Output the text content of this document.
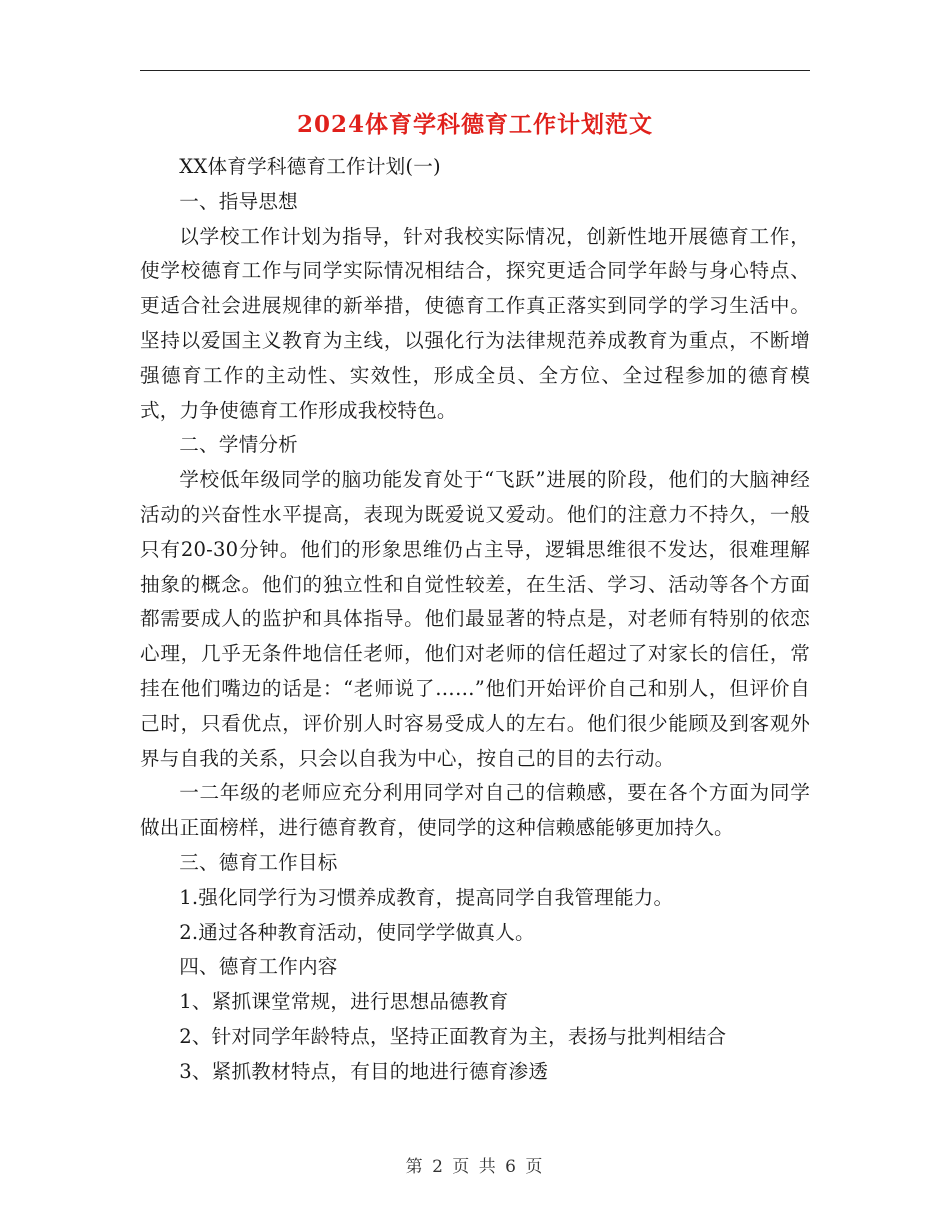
2024体育学科德育工作计划范文

XX体育学科德育工作计划(一)

一、指导思想

以学校工作计划为指导，针对我校实际情况，创新性地开展德育工作，使学校德育工作与同学实际情况相结合，探究更适合同学年龄与身心特点、更适合社会进展规律的新举措，使德育工作真正落实到同学的学习生活中。坚持以爱国主义教育为主线，以强化行为法律规范养成教育为重点，不断增强德育工作的主动性、实效性，形成全员、全方位、全过程参加的德育模式，力争使德育工作形成我校特色。

二、学情分析

学校低年级同学的脑功能发育处于“飞跃”进展的阶段，他们的大脑神经活动的兴奋性水平提高，表现为既爱说又爱动。他们的注意力不持久，一般只有20-30分钟。他们的形象思维仍占主导，逻辑思维很不发达，很难理解抽象的概念。他们的独立性和自觉性较差，在生活、学习、活动等各个方面都需要成人的监护和具体指导。他们最显著的特点是，对老师有特别的依恋心理，几乎无条件地信任老师，他们对老师的信任超过了对家长的信任，常挂在他们嘴边的话是：“老师说了……”他们开始评价自己和别人，但评价自己时，只看优点，评价别人时容易受成人的左右。他们很少能顾及到客观外界与自我的关系，只会以自我为中心，按自己的目的去行动。

一二年级的老师应充分利用同学对自己的信赖感，要在各个方面为同学做出正面榜样，进行德育教育，使同学的这种信赖感能够更加持久。

三、德育工作目标

1.强化同学行为习惯养成教育，提高同学自我管理能力。

2.通过各种教育活动，使同学学做真人。

四、德育工作内容

1、紧抓课堂常规，进行思想品德教育

2、针对同学年龄特点，坚持正面教育为主，表扬与批判相结合

3、紧抓教材特点，有目的地进行德育渗透

第 2 页 共 6 页
